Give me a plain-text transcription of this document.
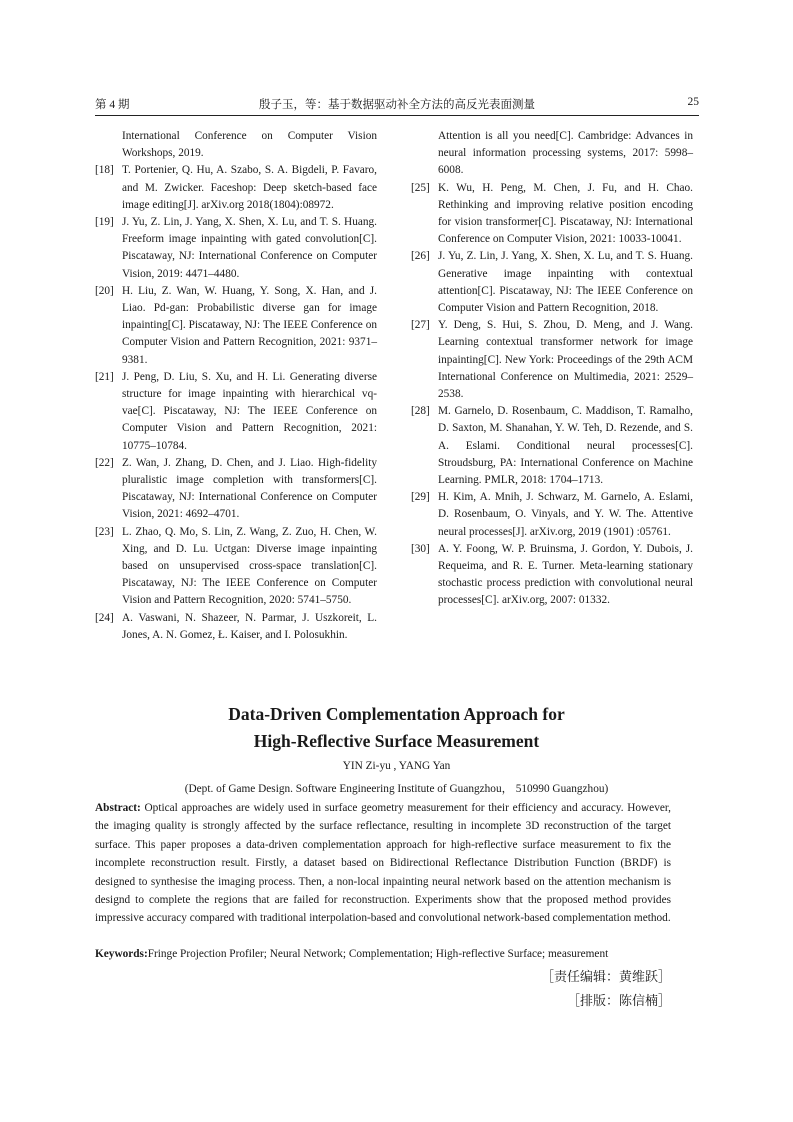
第 4 期	殷子玉，等：基于数据驱动补全方法的高反光表面测量	25
International Conference on Computer Vision Workshops, 2019.
[18] T. Portenier, Q. Hu, A. Szabo, S. A. Bigdeli, P. Favaro, and M. Zwicker. Faceshop: Deep sketch-based face image editing[J]. arXiv.org 2018(1804):08972.
[19] J. Yu, Z. Lin, J. Yang, X. Shen, X. Lu, and T. S. Huang. Freeform image inpainting with gated convolution[C]. Piscataway, NJ: International Conference on Computer Vision, 2019: 4471–4480.
[20] H. Liu, Z. Wan, W. Huang, Y. Song, X. Han, and J. Liao. Pd-gan: Probabilistic diverse gan for image inpainting[C]. Piscataway, NJ: The IEEE Conference on Computer Vision and Pattern Recognition, 2021: 9371–9381.
[21] J. Peng, D. Liu, S. Xu, and H. Li. Generating diverse structure for image inpainting with hierarchical vq-vae[C]. Piscataway, NJ: The IEEE Conference on Computer Vision and Pattern Recognition, 2021: 10775–10784.
[22] Z. Wan, J. Zhang, D. Chen, and J. Liao. High-fidelity pluralistic image completion with transformers[C]. Piscataway, NJ: International Conference on Computer Vision, 2021: 4692–4701.
[23] L. Zhao, Q. Mo, S. Lin, Z. Wang, Z. Zuo, H. Chen, W. Xing, and D. Lu. Uctgan: Diverse image inpainting based on unsupervised cross-space translation[C]. Piscataway, NJ: The IEEE Conference on Computer Vision and Pattern Recognition, 2020: 5741–5750.
[24] A. Vaswani, N. Shazeer, N. Parmar, J. Uszkoreit, L. Jones, A. N. Gomez, Ł. Kaiser, and I. Polosukhin.
Attention is all you need[C]. Cambridge: Advances in neural information processing systems, 2017: 5998–6008.
[25] K. Wu, H. Peng, M. Chen, J. Fu, and H. Chao. Rethinking and improving relative position encoding for vision transformer[C]. Piscataway, NJ: International Conference on Computer Vision, 2021: 10033-10041.
[26] J. Yu, Z. Lin, J. Yang, X. Shen, X. Lu, and T. S. Huang. Generative image inpainting with contextual attention[C]. Piscataway, NJ: The IEEE Conference on Computer Vision and Pattern Recognition, 2018.
[27] Y. Deng, S. Hui, S. Zhou, D. Meng, and J. Wang. Learning contextual transformer network for image inpainting[C]. New York: Proceedings of the 29th ACM International Conference on Multimedia, 2021: 2529–2538.
[28] M. Garnelo, D. Rosenbaum, C. Maddison, T. Ramalho, D. Saxton, M. Shanahan, Y. W. Teh, D. Rezende, and S. A. Eslami. Conditional neural processes[C]. Stroudsburg, PA: International Conference on Machine Learning. PMLR, 2018: 1704–1713.
[29] H. Kim, A. Mnih, J. Schwarz, M. Garnelo, A. Eslami, D. Rosenbaum, O. Vinyals, and Y. W. The. Attentive neural processes[J]. arXiv.org, 2019 (1901) :05761.
[30] A. Y. Foong, W. P. Bruinsma, J. Gordon, Y. Dubois, J. Requeima, and R. E. Turner. Meta-learning stationary stochastic process prediction with convolutional neural processes[C]. arXiv.org, 2007: 01332.
Data-Driven Complementation Approach for
High-Reflective Surface Measurement
YIN Zi-yu , YANG Yan
(Dept. of Game Design. Software Engineering Institute of Guangzhou， 510990 Guangzhou)
Abstract: Optical approaches are widely used in surface geometry measurement for their efficiency and accuracy. However, the imaging quality is strongly affected by the surface reflectance, resulting in incomplete 3D reconstruction of the target surface. This paper proposes a data-driven complementation approach for high-reflective surface measurement to fix the incomplete reconstruction result. Firstly, a dataset based on Bidirectional Reflectance Distribution Function (BRDF) is designed to synthesise the imaging process. Then, a non-local inpainting neural network based on the attention mechanism is designd to complete the regions that are failed for reconstruction. Experiments show that the proposed method provides impressive accuracy compared with traditional interpolation-based and convolutional network-based complementation method.
Keywords:Fringe Projection Profiler; Neural Network; Complementation; High-reflective Surface; measurement
［责任编辑：黄维跃］
［排版：陈信楠］
